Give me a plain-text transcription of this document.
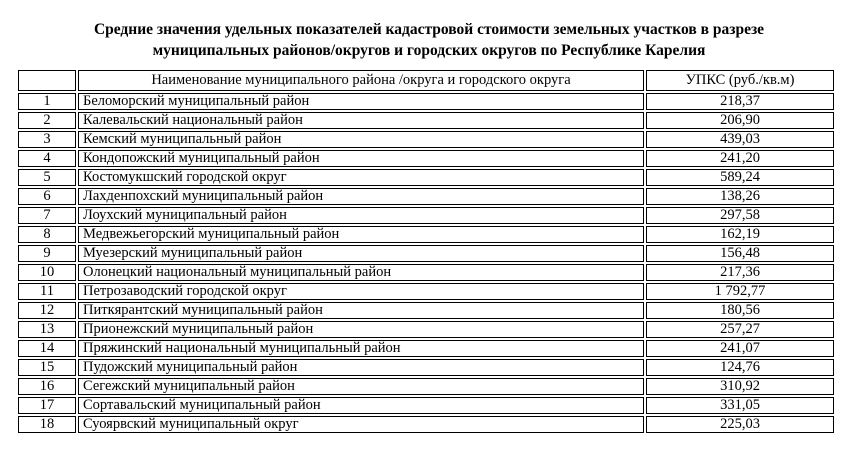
Средние значения удельных показателей кадастровой стоимости земельных участков в разрезе
муниципальных районов/округов и городских округов по Республике Карелия
	Наименование муниципального района /округа и городского округа	УПКС (руб./кв.м)
1	Беломорский муниципальный район	218,37
2	Калевальский национальный район	206,90
3	Кемский муниципальный район	439,03
4	Кондопожский муниципальный район	241,20
5	Костомукшский городской округ	589,24
6	Лахденпохский муниципальный район	138,26
7	Лоухский муниципальный район	297,58
8	Медвежьегорский муниципальный район	162,19
9	Муезерский муниципальный район	156,48
10	Олонецкий национальный муниципальный район	217,36
11	Петрозаводский городской округ	1 792,77
12	Питкярантский муниципальный район	180,56
13	Прионежский муниципальный район	257,27
14	Пряжинский национальный муниципальный район	241,07
15	Пудожский муниципальный район	124,76
16	Сегежский муниципальный район	310,92
17	Сортавальский муниципальный район	331,05
18	Суоярвский муниципальный округ	225,03
